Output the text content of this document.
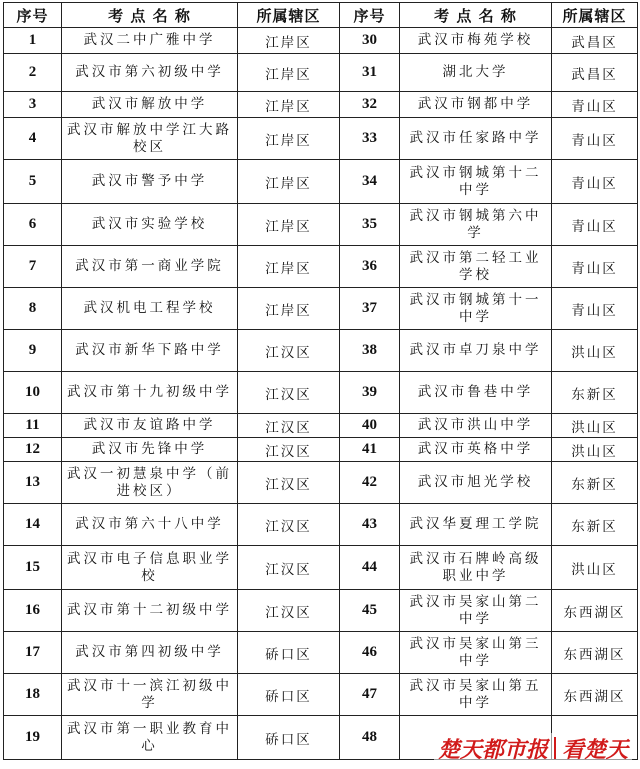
序号	考 点 名 称	所属辖区	序号	考 点 名 称	所属辖区
1	武汉二中广雅中学	江岸区	30	武汉市梅苑学校	武昌区
2	武汉市第六初级中学	江岸区	31	湖北大学	武昌区
3	武汉市解放中学	江岸区	32	武汉市钢都中学	青山区
4	武汉市解放中学江大路校区	江岸区	33	武汉市任家路中学	青山区
5	武汉市警予中学	江岸区	34	武汉市钢城第十二中学	青山区
6	武汉市实验学校	江岸区	35	武汉市钢城第六中学	青山区
7	武汉市第一商业学院	江岸区	36	武汉市第二轻工业学校	青山区
8	武汉机电工程学校	江岸区	37	武汉市钢城第十一中学	青山区
9	武汉市新华下路中学	江汉区	38	武汉市卓刀泉中学	洪山区
10	武汉市第十九初级中学	江汉区	39	武汉市鲁巷中学	东新区
11	武汉市友谊路中学	江汉区	40	武汉市洪山中学	洪山区
12	武汉市先锋中学	江汉区	41	武汉市英格中学	洪山区
13	武汉一初慧泉中学（前进校区）	江汉区	42	武汉市旭光学校	东新区
14	武汉市第六十八中学	江汉区	43	武汉华夏理工学院	东新区
15	武汉市电子信息职业学校	江汉区	44	武汉市石牌岭高级职业中学	洪山区
16	武汉市第十二初级中学	江汉区	45	武汉市吴家山第二中学	东西湖区
17	武汉市第四初级中学	硚口区	46	武汉市吴家山第三中学	东西湖区
18	武汉市十一滨江初级中学	硚口区	47	武汉市吴家山第五中学	东西湖区
19	武汉市第一职业教育中心	硚口区	48			楚天都市报 看楚天
